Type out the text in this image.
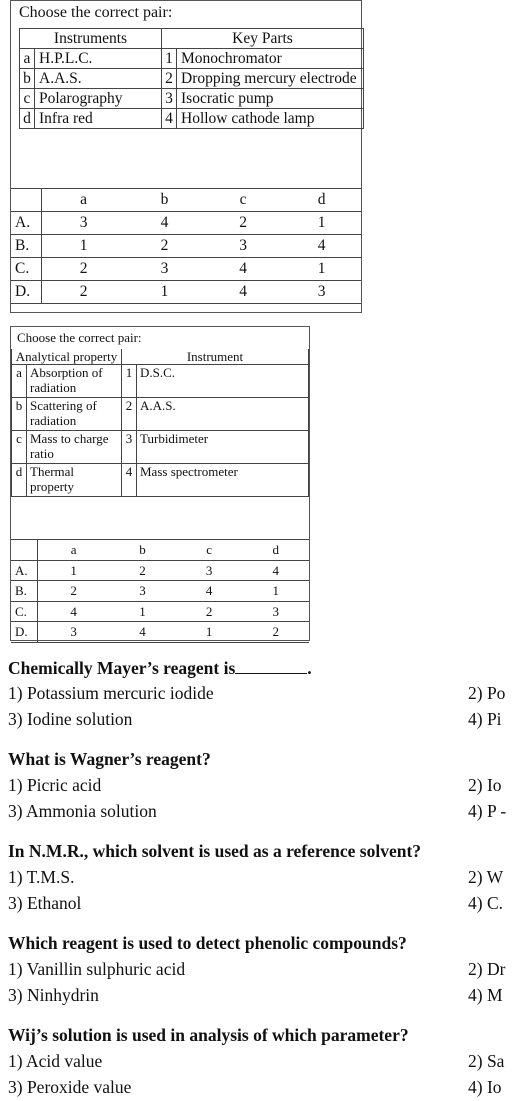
Choose the correct pair:
Instruments		Key Parts	
a	H.P.L.C.	1	Monochromator
b	A.A.S.	2	Dropping mercury electrode
c	Polarography	3	Isocratic pump
d	Infra red	4	Hollow cathode lamp
	a	b	c	d
A.	3	4	2	1
B.	1	2	3	4
C.	2	3	4	1
D.	2	1	4	3
Choose the correct pair:
Analytical property		Instrument	
a	Absorption of radiation	1	D.S.C.
b	Scattering of radiation	2	A.A.S.
c	Mass to charge ratio	3	Turbidimeter
d	Thermal property	4	Mass spectrometer
	a	b	c	d
A.	1	2	3	4
B.	2	3	4	1
C.	4	1	2	3
D.	3	4	1	2
Chemically Mayer’s reagent is	.
1) Potassium mercuric iodide	2) Po
3) Iodine solution	4) Pi
What is Wagner’s reagent?
1) Picric acid	2) Io
3) Ammonia solution	4) P -
In N.M.R., which solvent is used as a reference solvent?
1) T.M.S.	2) W
3) Ethanol	4) C.
Which reagent is used to detect phenolic compounds?
1) Vanillin sulphuric acid	2) Dr
3) Ninhydrin	4) M
Wij’s solution is used in analysis of which parameter?
1) Acid value	2) Sa
3) Peroxide value	4) Io
